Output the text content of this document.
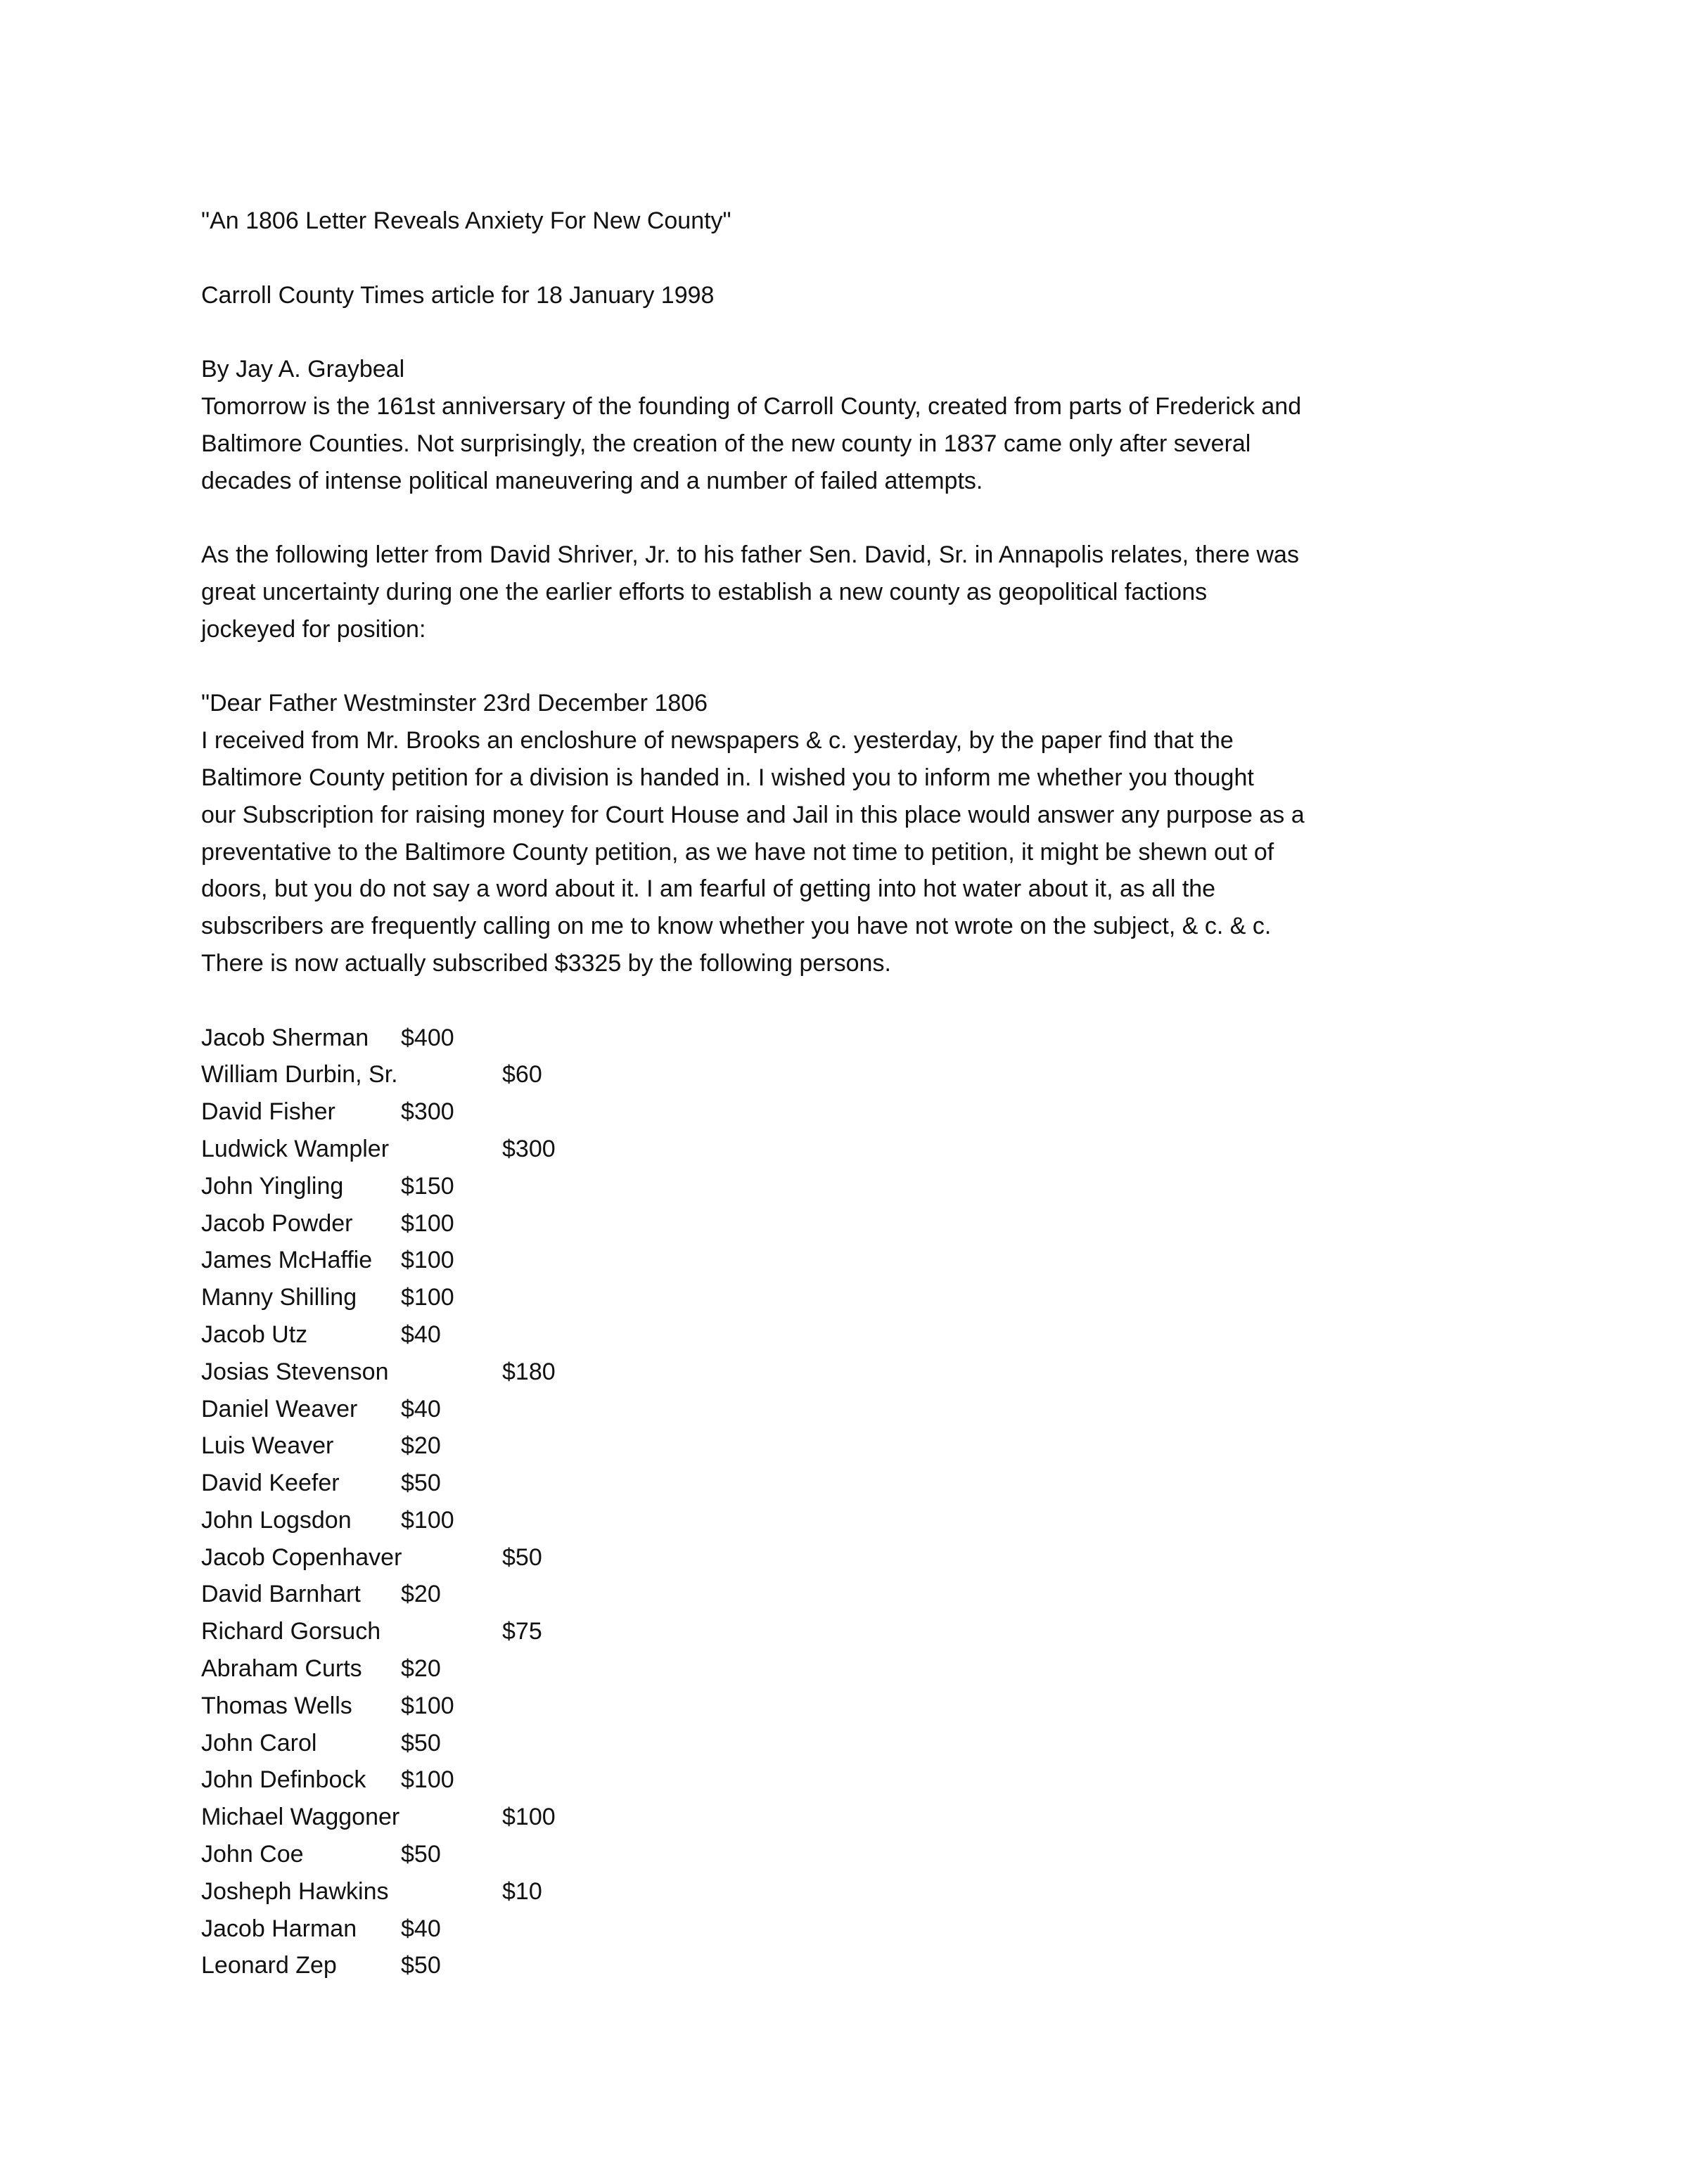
"An 1806 Letter Reveals Anxiety For New County"
Carroll County Times article for 18 January 1998
By Jay A. Graybeal
Tomorrow is the 161st anniversary of the founding of Carroll County, created from parts of Frederick and
Baltimore Counties. Not surprisingly, the creation of the new county in 1837 came only after several
decades of intense political maneuvering and a number of failed attempts.
As the following letter from David Shriver, Jr. to his father Sen. David, Sr. in Annapolis relates, there was
great uncertainty during one the earlier efforts to establish a new county as geopolitical factions
jockeyed for position:
"Dear Father Westminster 23rd December 1806
I received from Mr. Brooks an encloshure of newspapers & c. yesterday, by the paper find that the
Baltimore County petition for a division is handed in. I wished you to inform me whether you thought
our Subscription for raising money for Court House and Jail in this place would answer any purpose as a
preventative to the Baltimore County petition, as we have not time to petition, it might be shewn out of
doors, but you do not say a word about it. I am fearful of getting into hot water about it, as all the
subscribers are frequently calling on me to know whether you have not wrote on the subject, & c. & c.
There is now actually subscribed $3325 by the following persons.
Jacob Sherman $400
William Durbin, Sr.	$60
David Fisher	$300
Ludwick Wampler	$300
John Yingling $150
Jacob Powder $100
James McHaffie $100
Manny Shilling $100
Jacob Utz	$40
Josias Stevenson	$180
Daniel Weaver $40
Luis Weaver	$20
David Keefer	$50
John Logsdon $100
Jacob Copenhaver	$50
David Barnhart $20
Richard Gorsuch	$75
Abraham Curts $20
Thomas Wells $100
John Carol	$50
John Definbock $100
Michael Waggoner	$100
John Coe	$50
Josheph Hawkins	$10
Jacob Harman $40
Leonard Zep	$50
